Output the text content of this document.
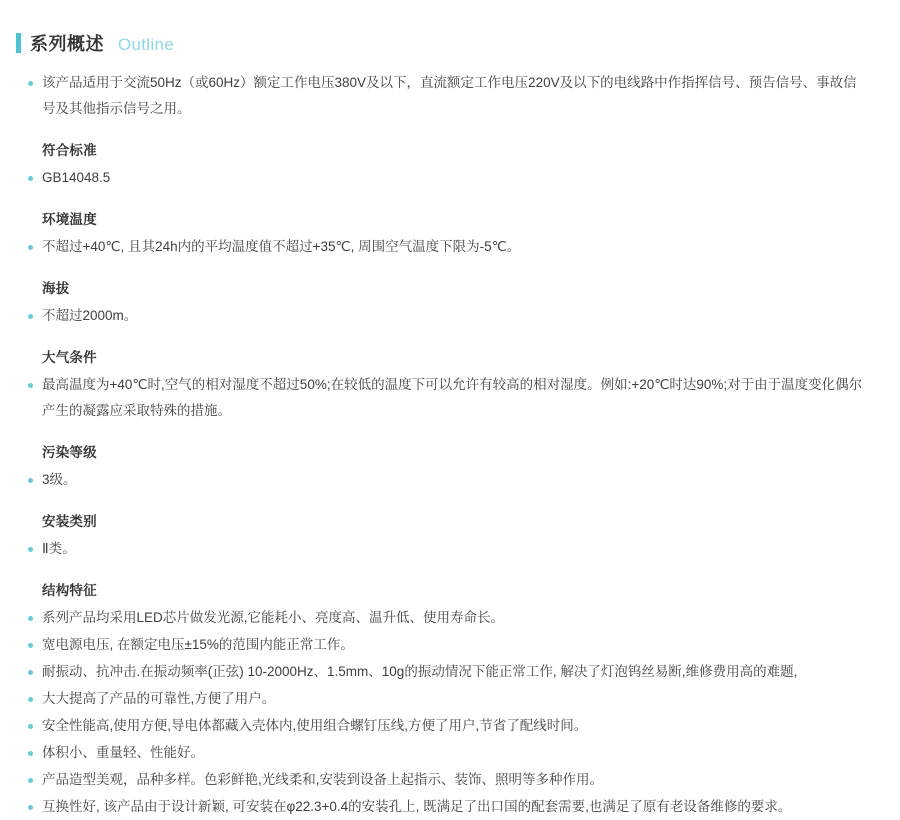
系列概述 Outline
该产品适用于交流50Hz（或60Hz）额定工作电压380V及以下，直流额定工作电压220V及以下的电线路中作指挥信号、预告信号、事故信号及其他指示信号之用。
符合标准
GB14048.5
环境温度
不超过+40℃, 且其24h内的平均温度值不超过+35℃, 周围空气温度下限为-5℃。
海拔
不超过2000m。
大气条件
最高温度为+40℃时,空气的相对湿度不超过50%;在较低的温度下可以允许有较高的相对湿度。例如:+20℃时达90%;对于由于温度变化偶尔产生的凝露应采取特殊的措施。
污染等级
3级。
安装类别
Ⅱ类。
结构特征
系列产品均采用LED芯片做发光源,它能耗小、亮度高、温升低、使用寿命长。
宽电源电压, 在额定电压±15%的范围内能正常工作。
耐振动、抗冲击.在振动频率(正弦) 10-2000Hz、1.5mm、10g的振动情况下能正常工作, 解决了灯泡钨丝易断,维修费用高的难题,
大大提高了产品的可靠性,方便了用户。
安全性能高,使用方便,导电体都藏入壳体内,使用组合螺钉压线,方便了用户,节省了配线时间。
体积小、重量轻、性能好。
产品造型美观，品种多样。色彩鲜艳,光线柔和,安装到设备上起指示、装饰、照明等多种作用。
互换性好, 该产品由于设计新颖, 可安装在φ22.3+0.4的安装孔上, 既满足了出口国的配套需要,也满足了原有老设备维修的要求。
